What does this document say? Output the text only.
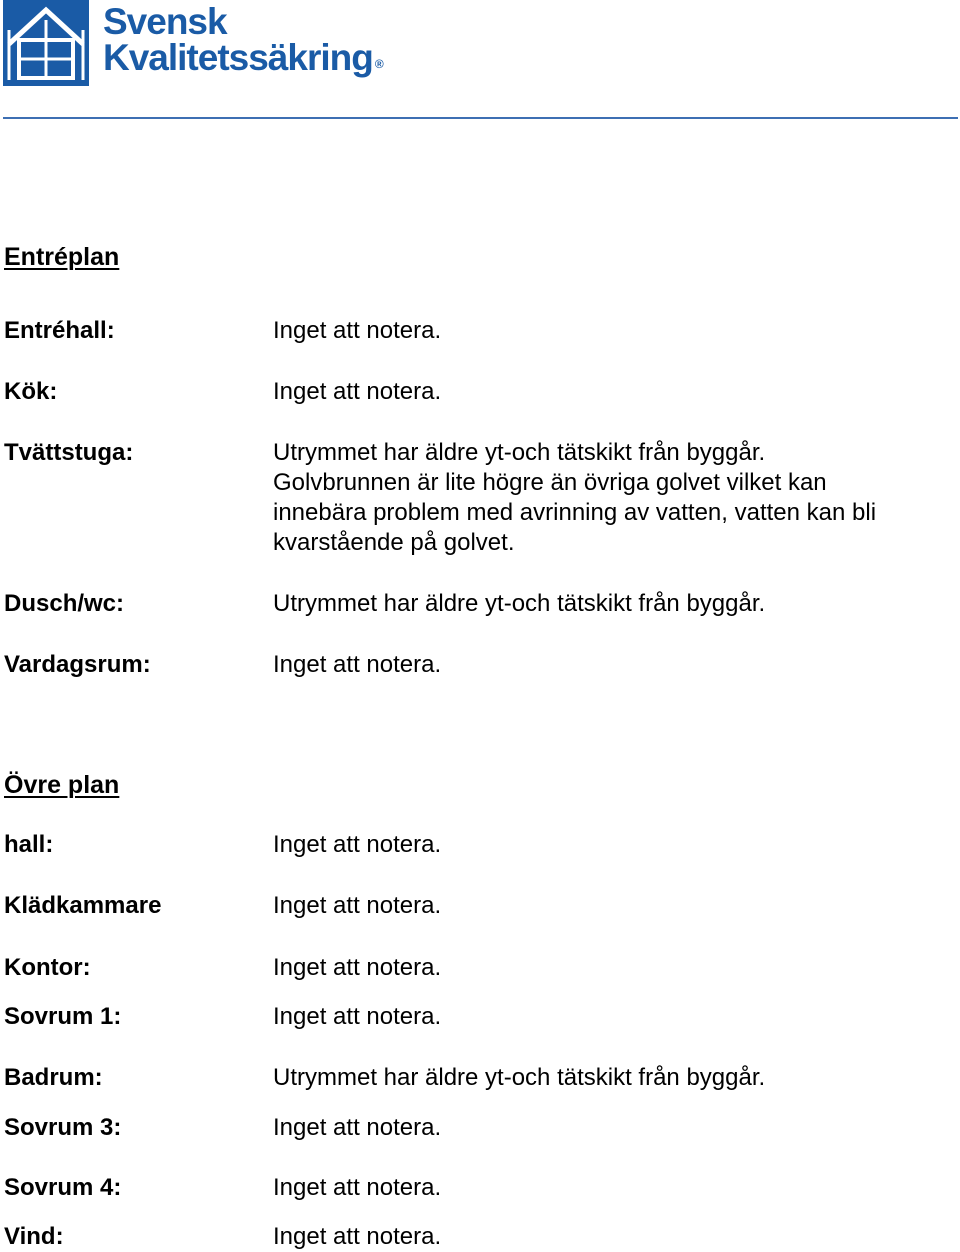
Svensk
Kvalitetssäkring ®
Entréplan
Entréhall:	Inget att notera.
Kök:	Inget att notera.
Tvättstuga:	Utrymmet har äldre yt-och tätskikt från byggår.
Golvbrunnen är lite högre än övriga golvet vilket kan
innebära problem med avrinning av vatten, vatten kan bli
kvarstående på golvet.
Dusch/wc:	Utrymmet har äldre yt-och tätskikt från byggår.
Vardagsrum:	Inget att notera.
Övre plan
hall:	Inget att notera.
Klädkammare	Inget att notera.
Kontor:	Inget att notera.
Sovrum 1:	Inget att notera.
Badrum:	Utrymmet har äldre yt-och tätskikt från byggår.
Sovrum 3:	Inget att notera.
Sovrum 4:	Inget att notera.
Vind:	Inget att notera.
